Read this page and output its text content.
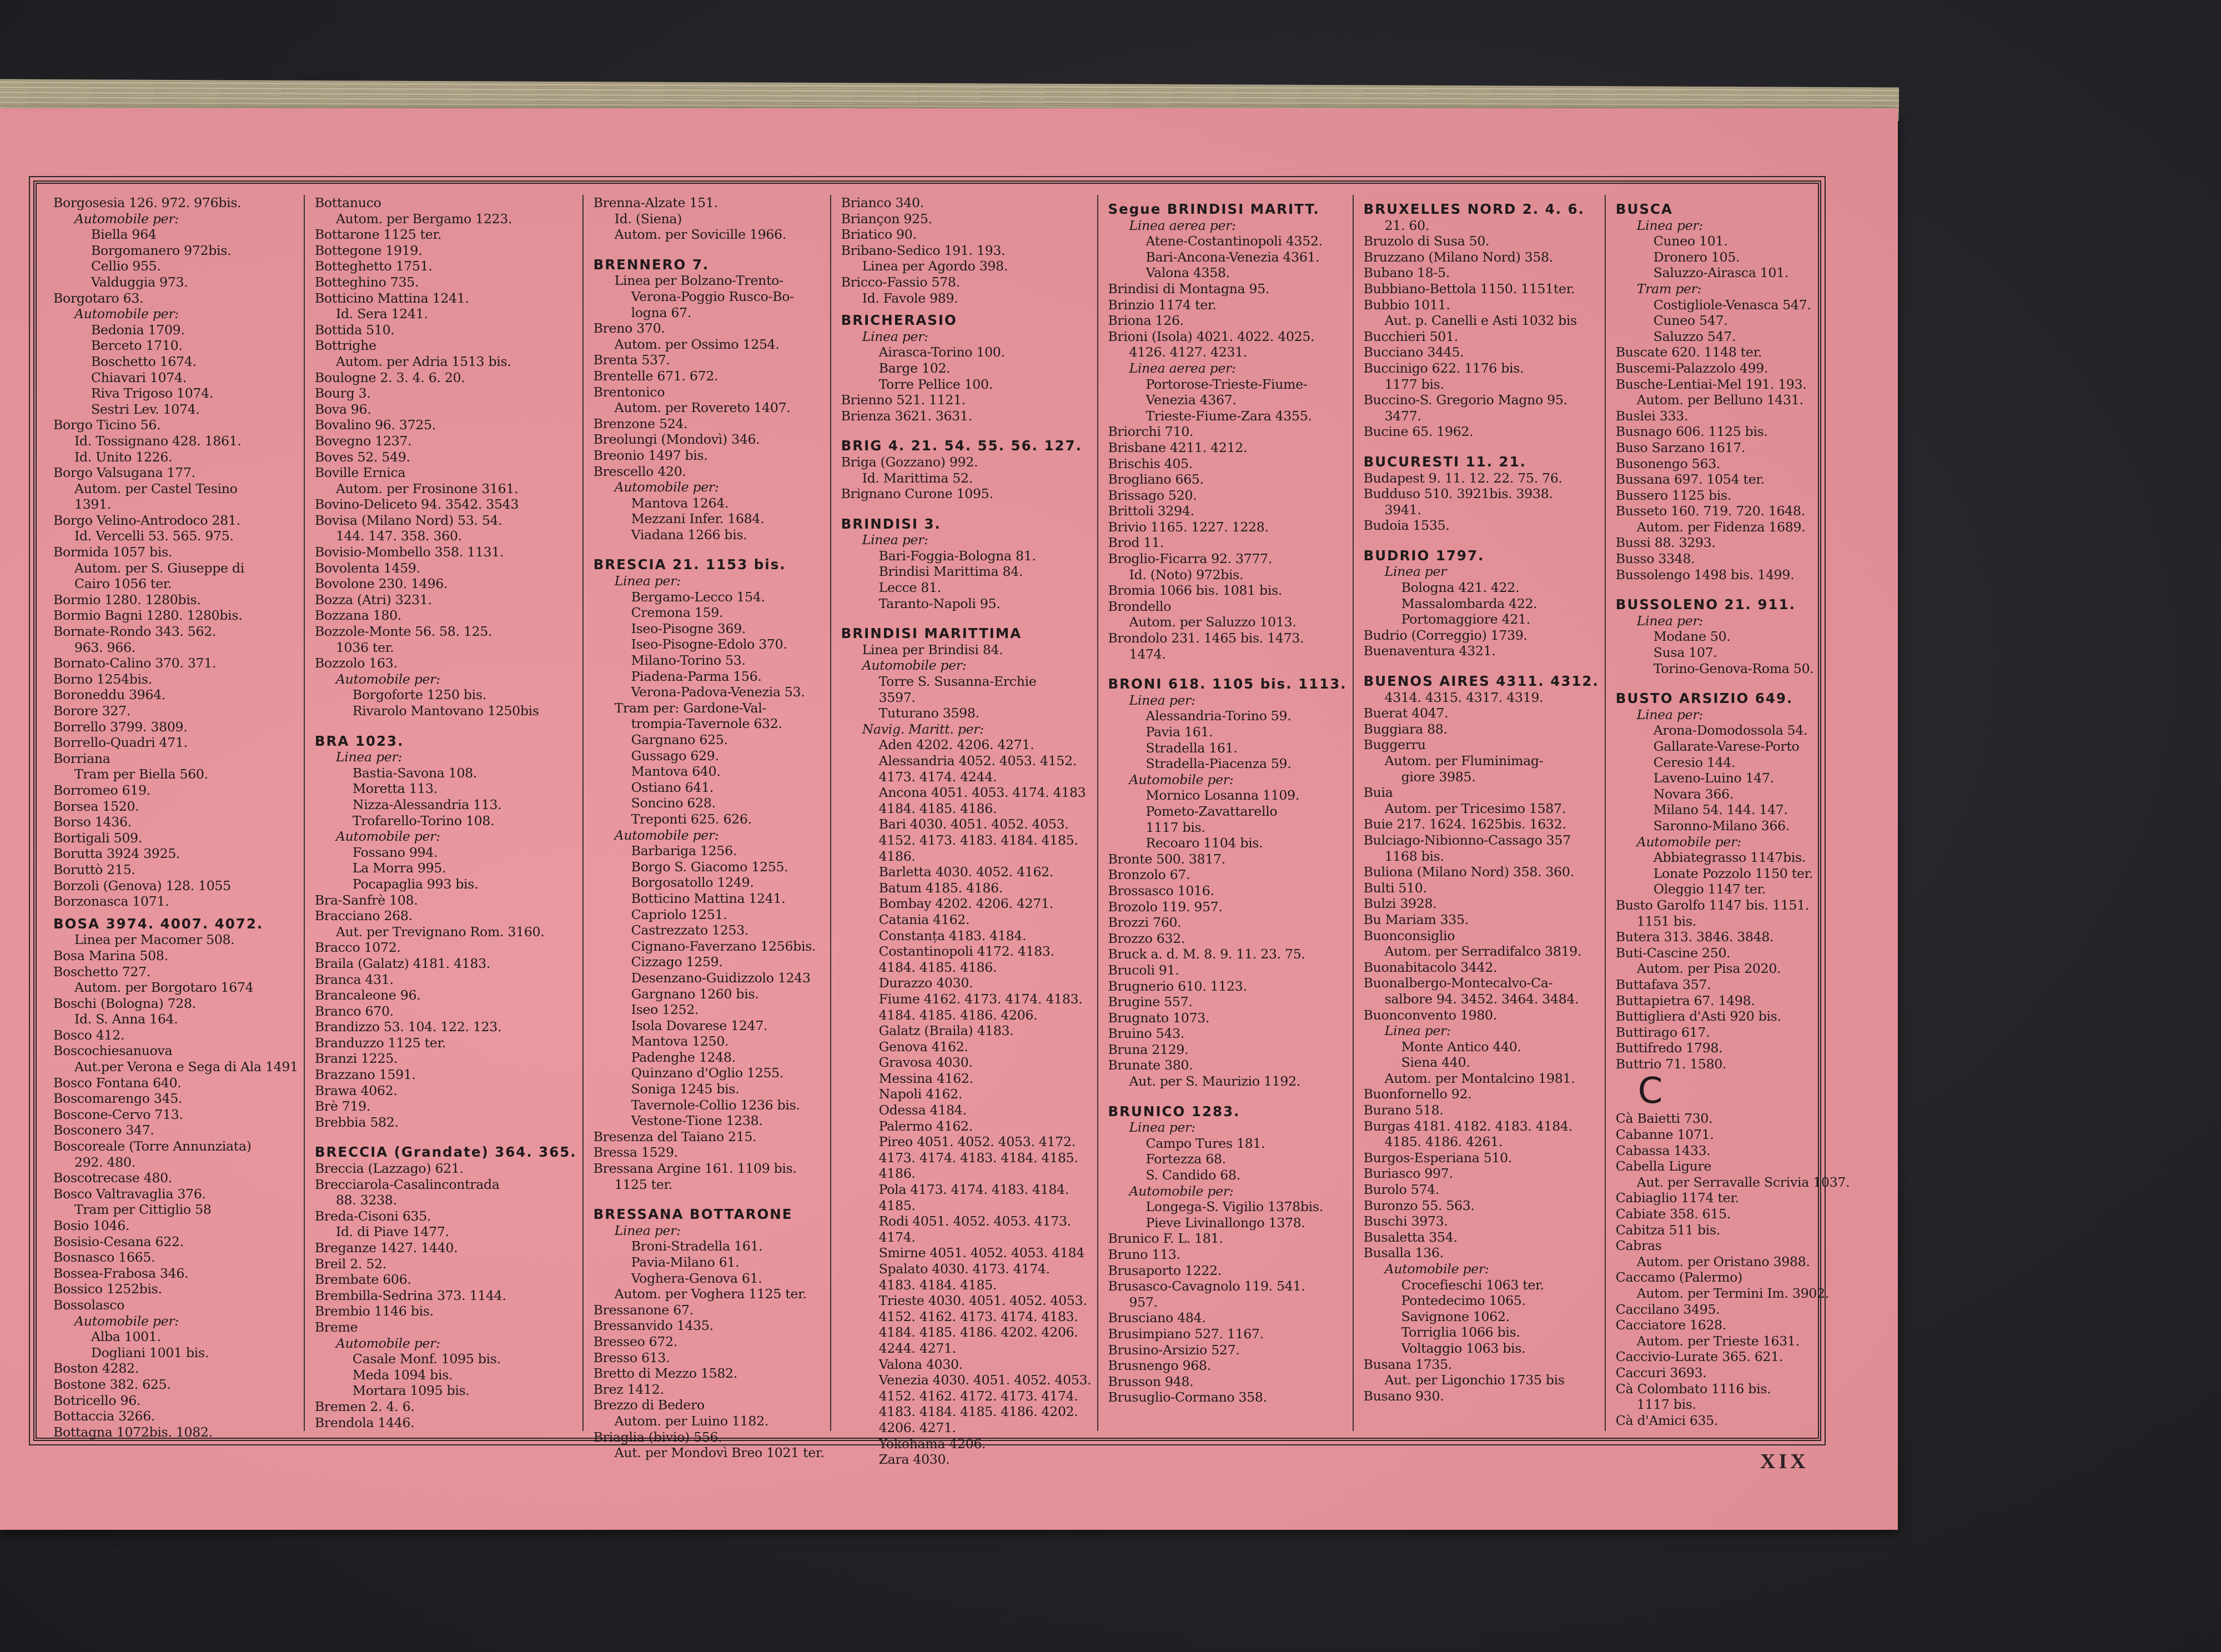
Borgosesia 126. 972. 976bis.
Automobile per:
Biella 964
Borgomanero 972bis.
Cellio 955.
Valduggia 973.
Borgotaro 63.
Automobile per:
Bedonia 1709.
Berceto 1710.
Boschetto 1674.
Chiavari 1074.
Riva Trigoso 1074.
Sestri Lev. 1074.
Borgo Ticino 56.
Id. Tossignano 428. 1861.
Id. Unito 1226.
Borgo Valsugana 177.
Autom. per Castel Tesino
1391.
Borgo Velino-Antrodoco 281.
Id. Vercelli 53. 565. 975.
Bormida 1057 bis.
Autom. per S. Giuseppe di
Cairo 1056 ter.
Bormio 1280. 1280bis.
Bormio Bagni 1280. 1280bis.
Bornate-Rondo 343. 562.
963. 966.
Bornato-Calino 370. 371.
Borno 1254bis.
Boroneddu 3964.
Borore 327.
Borrello 3799. 3809.
Borrello-Quadri 471.
Borriana
Tram per Biella 560.
Borromeo 619.
Borsea 1520.
Borso 1436.
Bortigali 509.
Borutta 3924 3925.
Boruttò 215.
Borzoli (Genova) 128. 1055
Borzonasca 1071.
BOSA 3974. 4007. 4072.
Linea per Macomer 508.
Bosa Marina 508.
Boschetto 727.
Autom. per Borgotaro 1674
Boschi (Bologna) 728.
Id. S. Anna 164.
Bosco 412.
Boscochiesanuova
Aut.per Verona e Sega di Ala 1491
Bosco Fontana 640.
Boscomarengo 345.
Boscone-Cervo 713.
Bosconero 347.
Boscoreale (Torre Annunziata)
292. 480.
Boscotrecase 480.
Bosco Valtravaglia 376.
Tram per Cittiglio 58
Bosio 1046.
Bosisio-Cesana 622.
Bosnasco 1665.
Bossea-Frabosa 346.
Bossico 1252bis.
Bossolasco
Automobile per:
Alba 1001.
Dogliani 1001 bis.
Boston 4282.
Bostone 382. 625.
Botricello 96.
Bottaccia 3266.
Bottagna 1072bis. 1082.
Bottanuco
Autom. per Bergamo 1223.
Bottarone 1125 ter.
Bottegone 1919.
Botteghetto 1751.
Botteghino 735.
Botticino Mattina 1241.
Id. Sera 1241.
Bottida 510.
Bottrighe
Autom. per Adria 1513 bis.
Boulogne 2. 3. 4. 6. 20.
Bourg 3.
Bova 96.
Bovalino 96. 3725.
Bovegno 1237.
Boves 52. 549.
Boville Ernica
Autom. per Frosinone 3161.
Bovino-Deliceto 94. 3542. 3543
Bovisa (Milano Nord) 53. 54.
144. 147. 358. 360.
Bovisio-Mombello 358. 1131.
Bovolenta 1459.
Bovolone 230. 1496.
Bozza (Atri) 3231.
Bozzana 180.
Bozzole-Monte 56. 58. 125.
1036 ter.
Bozzolo 163.
Automobile per:
Borgoforte 1250 bis.
Rivarolo Mantovano 1250bis
BRA 1023.
Linea per:
Bastia-Savona 108.
Moretta 113.
Nizza-Alessandria 113.
Trofarello-Torino 108.
Automobile per:
Fossano 994.
La Morra 995.
Pocapaglia 993 bis.
Bra-Sanfrè 108.
Bracciano 268.
Aut. per Trevignano Rom. 3160.
Bracco 1072.
Braila (Galatz) 4181. 4183.
Branca 431.
Brancaleone 96.
Branco 670.
Brandizzo 53. 104. 122. 123.
Branduzzo 1125 ter.
Branzi 1225.
Brazzano 1591.
Brawa 4062.
Brè 719.
Brebbia 582.
BRECCIA (Grandate) 364. 365.
Breccia (Lazzago) 621.
Brecciarola-Casalincontrada
88. 3238.
Breda-Cisoni 635.
Id. di Piave 1477.
Breganze 1427. 1440.
Breil 2. 52.
Brembate 606.
Brembilla-Sedrina 373. 1144.
Brembio 1146 bis.
Breme
Automobile per:
Casale Monf. 1095 bis.
Meda 1094 bis.
Mortara 1095 bis.
Bremen 2. 4. 6.
Brendola 1446.
Brenna-Alzate 151.
Id. (Siena)
Autom. per Sovicille 1966.
BRENNERO 7.
Linea per Bolzano-Trento-
Verona-Poggio Rusco-Bo-
logna 67.
Breno 370.
Autom. per Ossimo 1254.
Brenta 537.
Brentelle 671. 672.
Brentonico
Autom. per Rovereto 1407.
Brenzone 524.
Breolungi (Mondovì) 346.
Breonio 1497 bis.
Brescello 420.
Automobile per:
Mantova 1264.
Mezzani Infer. 1684.
Viadana 1266 bis.
BRESCIA 21. 1153 bis.
Linea per:
Bergamo-Lecco 154.
Cremona 159.
Iseo-Pisogne 369.
Iseo-Pisogne-Edolo 370.
Milano-Torino 53.
Piadena-Parma 156.
Verona-Padova-Venezia 53.
Tram per: Gardone-Val-
trompia-Tavernole 632.
Gargnano 625.
Gussago 629.
Mantova 640.
Ostiano 641.
Soncino 628.
Treponti 625. 626.
Automobile per:
Barbariga 1256.
Borgo S. Giacomo 1255.
Borgosatollo 1249.
Botticino Mattina 1241.
Capriolo 1251.
Castrezzato 1253.
Cignano-Faverzano 1256bis.
Cizzago 1259.
Desenzano-Guidizzolo 1243
Gargnano 1260 bis.
Iseo 1252.
Isola Dovarese 1247.
Mantova 1250.
Padenghe 1248.
Quinzano d'Oglio 1255.
Soniga 1245 bis.
Tavernole-Collio 1236 bis.
Vestone-Tione 1238.
Bresenza del Taiano 215.
Bressa 1529.
Bressana Argine 161. 1109 bis.
1125 ter.
BRESSANA BOTTARONE
Linea per:
Broni-Stradella 161.
Pavia-Milano 61.
Voghera-Genova 61.
Autom. per Voghera 1125 ter.
Bressanone 67.
Bressanvido 1435.
Bresseo 672.
Bresso 613.
Bretto di Mezzo 1582.
Brez 1412.
Brezzo di Bedero
Autom. per Luino 1182.
Briaglia (bivio) 556.
Aut. per Mondovì Breo 1021 ter.
Brianco 340.
Briançon 925.
Briatico 90.
Bribano-Sedico 191. 193.
Linea per Agordo 398.
Bricco-Fassio 578.
Id. Favole 989.
BRICHERASIO
Linea per:
Airasca-Torino 100.
Barge 102.
Torre Pellice 100.
Brienno 521. 1121.
Brienza 3621. 3631.
BRIG 4. 21. 54. 55. 56. 127.
Briga (Gozzano) 992.
Id. Marittima 52.
Brignano Curone 1095.
BRINDISI 3.
Linea per:
Bari-Foggia-Bologna 81.
Brindisi Marittima 84.
Lecce 81.
Taranto-Napoli 95.
BRINDISI MARITTIMA
Linea per Brindisi 84.
Automobile per:
Torre S. Susanna-Erchie
3597.
Tuturano 3598.
Navig. Maritt. per:
Aden 4202. 4206. 4271.
Alessandria 4052. 4053. 4152.
4173. 4174. 4244.
Ancona 4051. 4053. 4174. 4183
4184. 4185. 4186.
Bari 4030. 4051. 4052. 4053.
4152. 4173. 4183. 4184. 4185.
4186.
Barletta 4030. 4052. 4162.
Batum 4185. 4186.
Bombay 4202. 4206. 4271.
Catania 4162.
Constanța 4183. 4184.
Costantinopoli 4172. 4183.
4184. 4185. 4186.
Durazzo 4030.
Fiume 4162. 4173. 4174. 4183.
4184. 4185. 4186. 4206.
Galatz (Braila) 4183.
Genova 4162.
Gravosa 4030.
Messina 4162.
Napoli 4162.
Odessa 4184.
Palermo 4162.
Pireo 4051. 4052. 4053. 4172.
4173. 4174. 4183. 4184. 4185.
4186.
Pola 4173. 4174. 4183. 4184.
4185.
Rodi 4051. 4052. 4053. 4173.
4174.
Smirne 4051. 4052. 4053. 4184
Spalato 4030. 4173. 4174.
4183. 4184. 4185.
Trieste 4030. 4051. 4052. 4053.
4152. 4162. 4173. 4174. 4183.
4184. 4185. 4186. 4202. 4206.
4244. 4271.
Valona 4030.
Venezia 4030. 4051. 4052. 4053.
4152. 4162. 4172. 4173. 4174.
4183. 4184. 4185. 4186. 4202.
4206. 4271.
Yokohama 4206.
Zara 4030.
Segue BRINDISI MARITT.
Linea aerea per:
Atene-Costantinopoli 4352.
Bari-Ancona-Venezia 4361.
Valona 4358.
Brindisi di Montagna 95.
Brinzio 1174 ter.
Briona 126.
Brioni (Isola) 4021. 4022. 4025.
4126. 4127. 4231.
Linea aerea per:
Portorose-Trieste-Fiume-
Venezia 4367.
Trieste-Fiume-Zara 4355.
Briorchi 710.
Brisbane 4211. 4212.
Brischis 405.
Brogliano 665.
Brissago 520.
Brittoli 3294.
Brivio 1165. 1227. 1228.
Brod 11.
Broglio-Ficarra 92. 3777.
Id. (Noto) 972bis.
Bromia 1066 bis. 1081 bis.
Brondello
Autom. per Saluzzo 1013.
Brondolo 231. 1465 bis. 1473.
1474.
BRONI 618. 1105 bis. 1113.
Linea per:
Alessandria-Torino 59.
Pavia 161.
Stradella 161.
Stradella-Piacenza 59.
Automobile per:
Mornico Losanna 1109.
Pometo-Zavattarello
1117 bis.
Recoaro 1104 bis.
Bronte 500. 3817.
Bronzolo 67.
Brossasco 1016.
Brozolo 119. 957.
Brozzi 760.
Brozzo 632.
Bruck a. d. M. 8. 9. 11. 23. 75.
Brucoli 91.
Brugnerio 610. 1123.
Brugine 557.
Brugnato 1073.
Bruino 543.
Bruna 2129.
Brunate 380.
Aut. per S. Maurizio 1192.
BRUNICO 1283.
Linea per:
Campo Tures 181.
Fortezza 68.
S. Candido 68.
Automobile per:
Longega-S. Vigilio 1378bis.
Pieve Livinallongo 1378.
Brunico F. L. 181.
Bruno 113.
Brusaporto 1222.
Brusasco-Cavagnolo 119. 541.
957.
Brusciano 484.
Brusimpiano 527. 1167.
Brusino-Arsizio 527.
Brusnengo 968.
Brusson 948.
Brusuglio-Cormano 358.
BRUXELLES NORD 2. 4. 6.
21. 60.
Bruzolo di Susa 50.
Bruzzano (Milano Nord) 358.
Bubano 18-5.
Bubbiano-Bettola 1150. 1151ter.
Bubbio 1011.
Aut. p. Canelli e Asti 1032 bis
Bucchieri 501.
Bucciano 3445.
Buccinigo 622. 1176 bis.
1177 bis.
Buccino-S. Gregorio Magno 95.
3477.
Bucine 65. 1962.
BUCURESTI 11. 21.
Budapest 9. 11. 12. 22. 75. 76.
Budduso 510. 3921bis. 3938.
3941.
Budoia 1535.
BUDRIO 1797.
Linea per
Bologna 421. 422.
Massalombarda 422.
Portomaggiore 421.
Budrio (Correggio) 1739.
Buenaventura 4321.
BUENOS AIRES 4311. 4312.
4314. 4315. 4317. 4319.
Buerat 4047.
Buggiara 88.
Buggerru
Autom. per Fluminimag-
giore 3985.
Buia
Autom. per Tricesimo 1587.
Buie 217. 1624. 1625bis. 1632.
Bulciago-Nibionno-Cassago 357
1168 bis.
Buliona (Milano Nord) 358. 360.
Bulti 510.
Bulzi 3928.
Bu Mariam 335.
Buonconsiglio
Autom. per Serradifalco 3819.
Buonabitacolo 3442.
Buonalbergo-Montecalvo-Ca-
salbore 94. 3452. 3464. 3484.
Buonconvento 1980.
Linea per:
Monte Antico 440.
Siena 440.
Autom. per Montalcino 1981.
Buonfornello 92.
Burano 518.
Burgas 4181. 4182. 4183. 4184.
4185. 4186. 4261.
Burgos-Esperiana 510.
Buriasco 997.
Burolo 574.
Buronzo 55. 563.
Buschi 3973.
Busaletta 354.
Busalla 136.
Automobile per:
Crocefieschi 1063 ter.
Pontedecimo 1065.
Savignone 1062.
Torriglia 1066 bis.
Voltaggio 1063 bis.
Busana 1735.
Aut. per Ligonchio 1735 bis
Busano 930.
BUSCA
Linea per:
Cuneo 101.
Dronero 105.
Saluzzo-Airasca 101.
Tram per:
Costigliole-Venasca 547.
Cuneo 547.
Saluzzo 547.
Buscate 620. 1148 ter.
Buscemi-Palazzolo 499.
Busche-Lentiai-Mel 191. 193.
Autom. per Belluno 1431.
Buslei 333.
Busnago 606. 1125 bis.
Buso Sarzano 1617.
Busonengo 563.
Bussana 697. 1054 ter.
Bussero 1125 bis.
Busseto 160. 719. 720. 1648.
Autom. per Fidenza 1689.
Bussi 88. 3293.
Busso 3348.
Bussolengo 1498 bis. 1499.
BUSSOLENO 21. 911.
Linea per:
Modane 50.
Susa 107.
Torino-Genova-Roma 50.
BUSTO ARSIZIO 649.
Linea per:
Arona-Domodossola 54.
Gallarate-Varese-Porto
Ceresio 144.
Laveno-Luino 147.
Novara 366.
Milano 54. 144. 147.
Saronno-Milano 366.
Automobile per:
Abbiategrasso 1147bis.
Lonate Pozzolo 1150 ter.
Oleggio 1147 ter.
Busto Garolfo 1147 bis. 1151.
1151 bis.
Butera 313. 3846. 3848.
Buti-Cascine 250.
Autom. per Pisa 2020.
Buttafava 357.
Buttapietra 67. 1498.
Buttigliera d'Asti 920 bis.
Buttirago 617.
Buttifredo 1798.
Buttrio 71. 1580.
C
Cà Baietti 730.
Cabanne 1071.
Cabassa 1433.
Cabella Ligure
Aut. per Serravalle Scrivia 1037.
Cabiaglio 1174 ter.
Cabiate 358. 615.
Cabitza 511 bis.
Cabras
Autom. per Oristano 3988.
Caccamo (Palermo)
Autom. per Termini Im. 3902.
Caccilano 3495.
Cacciatore 1628.
Autom. per Trieste 1631.
Caccivio-Lurate 365. 621.
Caccuri 3693.
Cà Colombato 1116 bis.
1117 bis.
Cà d'Amici 635.
XIX
